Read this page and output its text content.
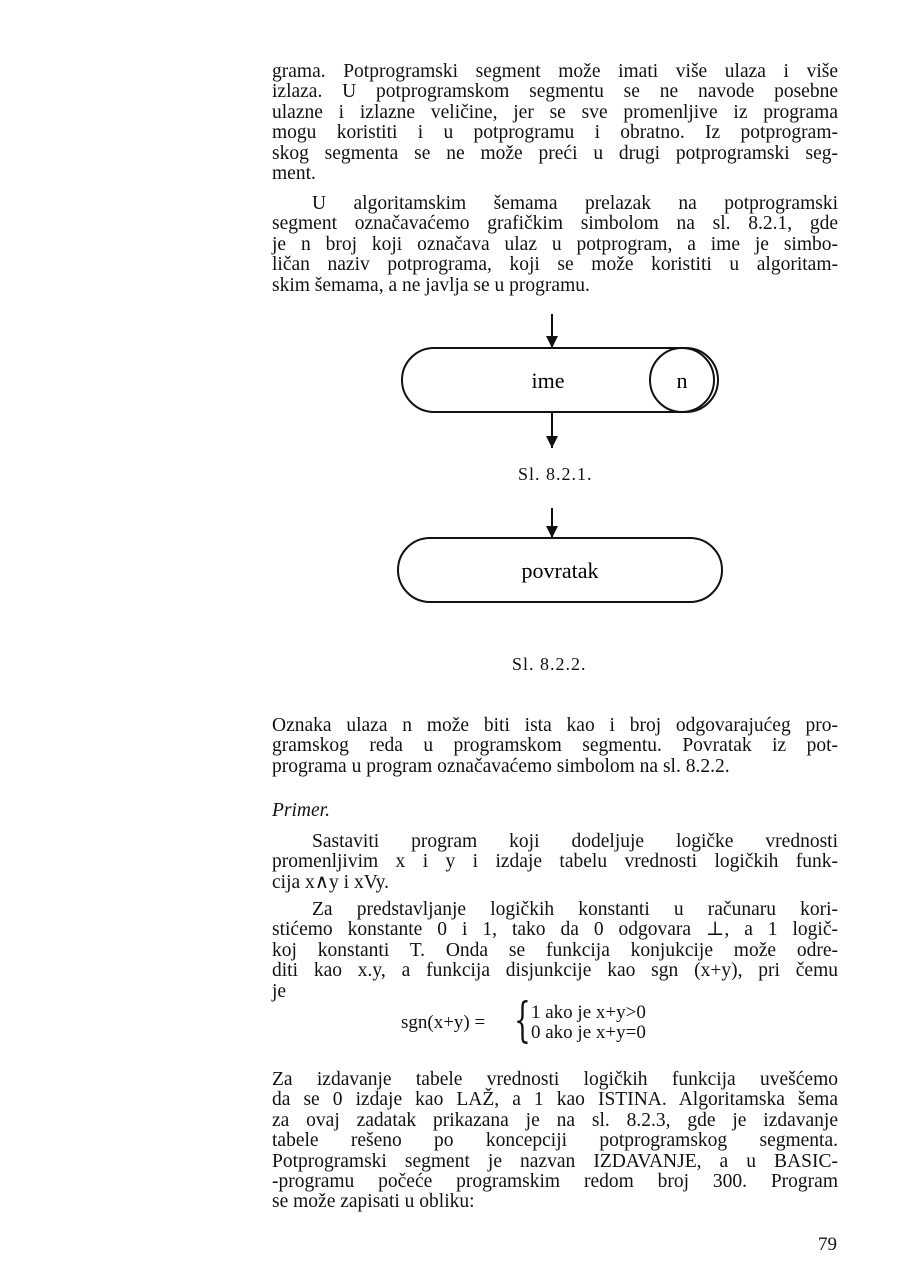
grama. Potprogramski segment može imati više ulaza i više
izlaza. U potprogramskom segmentu se ne navode posebne
ulazne i izlazne veličine, jer se sve promenljive iz programa
mogu koristiti i u potprogramu i obratno. Iz potprogram-
skog segmenta se ne može preći u drugi potprogramski seg-
ment.

U algoritamskim šemama prelazak na potprogramski
segment označavaćemo grafičkim simbolom na sl. 8.2.1, gde
je n broj koji označava ulaz u potprogram, a ime je simbo-
ličan naziv potprograma, koji se može koristiti u algoritam-
skim šemama, a ne javlja se u programu.

ime	n
Sl. 8.2.1.
povratak
Sl. 8.2.2.

Oznaka ulaza n može biti ista kao i broj odgovarajućeg pro-
gramskog reda u programskom segmentu. Povratak iz pot-
programa u program označavaćemo simbolom na sl. 8.2.2.

Primer.

Sastaviti program koji dodeljuje logičke vrednosti
promenljivim x i y i izdaje tabelu vrednosti logičkih funk-
cija x∧y i xVy.

Za predstavljanje logičkih konstanti u računaru kori-
stićemo konstante 0 i 1, tako da 0 odgovara ⊥, a 1 logič-
koj konstanti T. Onda se funkcija konjukcije može odre-
diti kao x.y, a funkcija disjunkcije kao sgn (x+y), pri čemu
je

sgn(x+y) = { 1 ako je x+y>0
0 ako je x+y=0

Za izdavanje tabele vrednosti logičkih funkcija uvešćemo
da se 0 izdaje kao LAŽ, a 1 kao ISTINA. Algoritamska šema
za ovaj zadatak prikazana je na sl. 8.2.3, gde je izdavanje
tabele rešeno po koncepciji potprogramskog segmenta.
Potprogramski segment je nazvan IZDAVANJE, a u BASIC-
-programu počeće programskim redom broj 300. Program
se može zapisati u obliku:

79
